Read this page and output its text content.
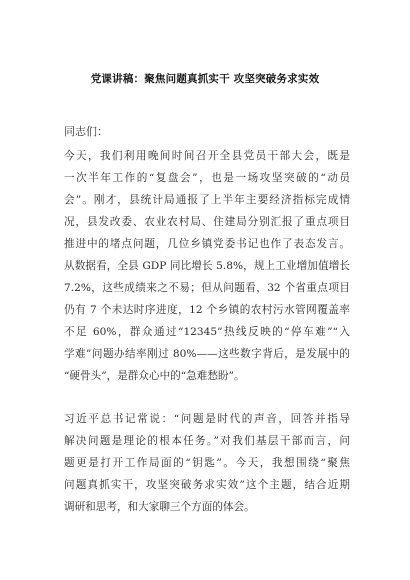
党课讲稿：聚焦问题真抓实干 攻坚突破务求实效
同志们：
今天，我们利用晚间时间召开全县党员干部大会，既是
一次半年工作的“复盘会”，也是一场攻坚突破的“动员
会”。刚才，县统计局通报了上半年主要经济指标完成情
况，县发改委、农业农村局、住建局分别汇报了重点项目
推进中的堵点问题，几位乡镇党委书记也作了表态发言。
从数据看，全县 GDP 同比增长 5.8%，规上工业增加值增长
7.2%，这些成绩来之不易；但从问题看，32 个省重点项目
仍有 7 个未达时序进度，12 个乡镇的农村污水管网覆盖率
不足 60%，群众通过“12345”热线反映的“停车难”“入
学难”问题办结率刚过 80%——这些数字背后，是发展中的
“硬骨头”，是群众心中的“急难愁盼”。
习近平总书记常说：“问题是时代的声音，回答并指导
解决问题是理论的根本任务。”对我们基层干部而言，问
题更是打开工作局面的“钥匙”。今天，我想围绕“聚焦
问题真抓实干，攻坚突破务求实效”这个主题，结合近期
调研和思考，和大家聊三个方面的体会。
